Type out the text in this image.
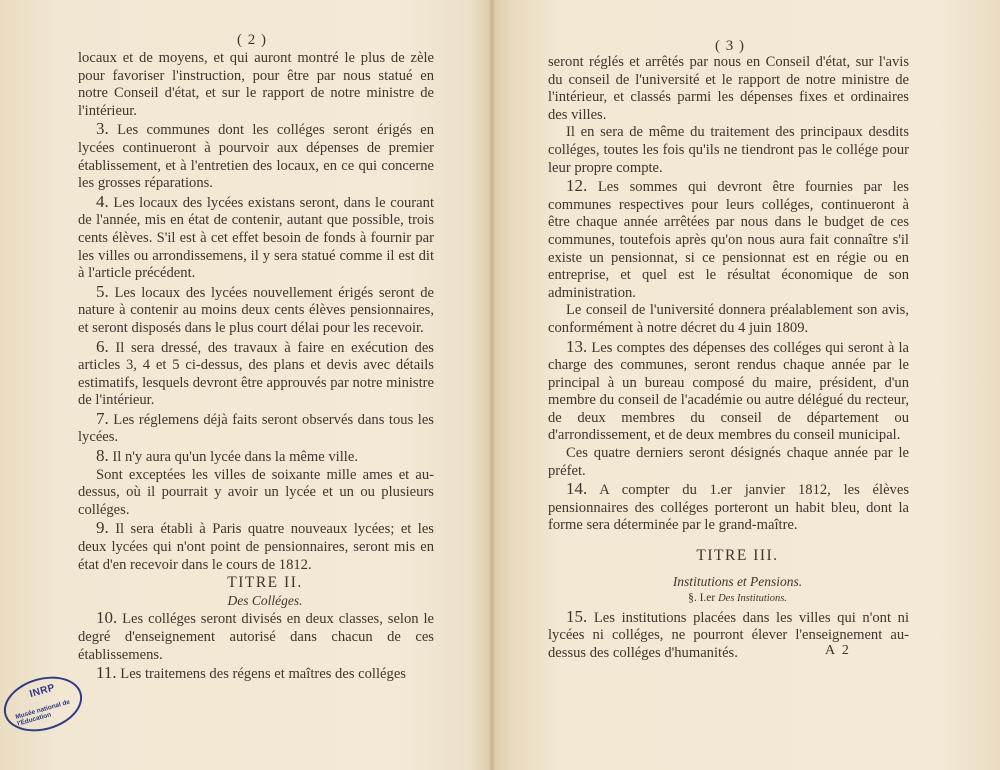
( 2 )

locaux et de moyens, et qui auront montré le plus de zèle pour favoriser l'instruction, pour être par nous statué en notre Conseil d'état, et sur le rapport de notre ministre de l'intérieur.

3. Les communes dont les colléges seront érigés en lycées continueront à pourvoir aux dépenses de premier établissement, et à l'entretien des locaux, en ce qui concerne les grosses réparations.

4. Les locaux des lycées existans seront, dans le courant de l'année, mis en état de contenir, autant que possible, trois cents élèves. S'il est à cet effet besoin de fonds à fournir par les villes ou arrondissemens, il y sera statué comme il est dit à l'article précédent.

5. Les locaux des lycées nouvellement érigés seront de nature à contenir au moins deux cents élèves pensionnaires, et seront disposés dans le plus court délai pour les recevoir.

6. Il sera dressé, des travaux à faire en exécution des articles 3, 4 et 5 ci-dessus, des plans et devis avec détails estimatifs, lesquels devront être approuvés par notre ministre de l'intérieur.

7. Les réglemens déjà faits seront observés dans tous les lycées.

8. Il n'y aura qu'un lycée dans la même ville.

Sont exceptées les villes de soixante mille ames et au-dessus, où il pourrait y avoir un lycée et un ou plusieurs colléges.

9. Il sera établi à Paris quatre nouveaux lycées; et les deux lycées qui n'ont point de pensionnaires, seront mis en état d'en recevoir dans le cours de 1812.

TITRE II.

Des Colléges.

10. Les colléges seront divisés en deux classes, selon le degré d'enseignement autorisé dans chacun de ces établissemens.

11. Les traitemens des régens et maîtres des colléges

INRP
Musée national de l'Éducation
( 3 )

seront réglés et arrêtés par nous en Conseil d'état, sur l'avis du conseil de l'université et le rapport de notre ministre de l'intérieur, et classés parmi les dépenses fixes et ordinaires des villes.

Il en sera de même du traitement des principaux desdits colléges, toutes les fois qu'ils ne tiendront pas le collége pour leur propre compte.

12. Les sommes qui devront être fournies par les communes respectives pour leurs colléges, continueront à être chaque année arrêtées par nous dans le budget de ces communes, toutefois après qu'on nous aura fait connaître s'il existe un pensionnat, si ce pensionnat est en régie ou en entreprise, et quel est le résultat économique de son administration.

Le conseil de l'université donnera préalablement son avis, conformément à notre décret du 4 juin 1809.

13. Les comptes des dépenses des colléges qui seront à la charge des communes, seront rendus chaque année par le principal à un bureau composé du maire, président, d'un membre du conseil de l'académie ou autre délégué du recteur, de deux membres du conseil de département ou d'arrondissement, et de deux membres du conseil municipal.

Ces quatre derniers seront désignés chaque année par le préfet.

14. A compter du 1.er janvier 1812, les élèves pensionnaires des colléges porteront un habit bleu, dont la forme sera déterminée par le grand-maître.

TITRE III.

Institutions et Pensions.

§. I.er Des Institutions.

15. Les institutions placées dans les villes qui n'ont ni lycées ni colléges, ne pourront élever l'enseignement au-dessus des colléges d'humanités.	A 2
